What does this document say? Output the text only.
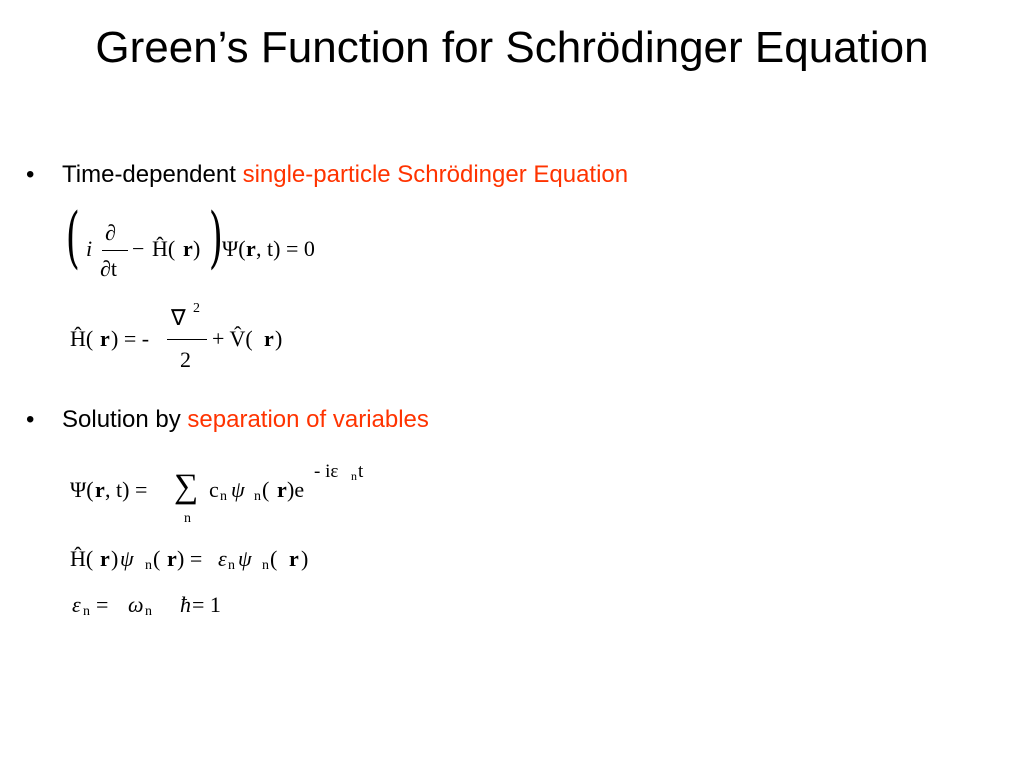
Green’s Function for Schrödinger Equation
• Time-dependent single-particle Schrödinger Equation
( i
∂
∂t
− Ĥ( r ) ) Ψ( r , t) = 0
Ĥ( r ) = -
∇ 2
2
+ V̂( r )
• Solution by separation of variables
Ψ( r , t) = ∑
n
c n ψ n ( r )e
- iε n t
Ĥ( r ) ψ n ( r ) = ε n ψ n ( r )
ε n = ω n ħ = 1
